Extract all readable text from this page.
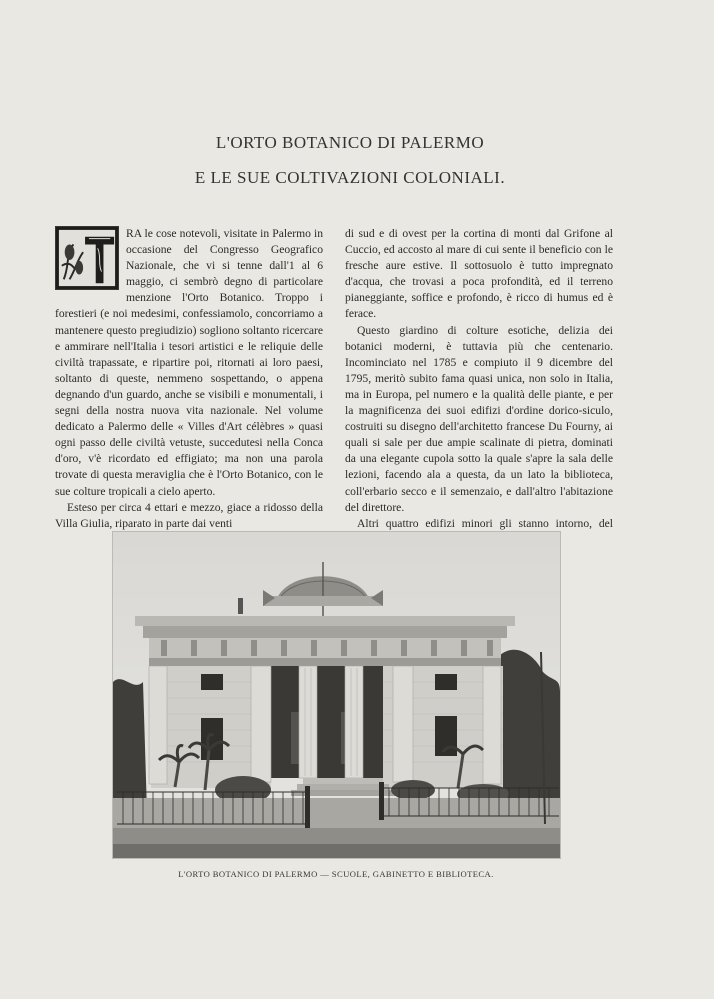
L'ORTO BOTANICO DI PALERMO
E LE SUE COLTIVAZIONI COLONIALI.

RA le cose notevoli, visitate in Palermo in occasione del Congresso Geografico Nazionale, che vi si tenne dall'1 al 6 maggio, ci sembrò degno di particolare menzione l'Orto Botanico. Troppo i forestieri (e noi medesimi, confessiamolo, concorriamo a mantenere questo pregiudizio) sogliono soltanto ricercare e ammirare nell'Italia i tesori artistici e le reliquie delle civiltà trapassate, e ripartire poi, ritornati ai loro paesi, soltanto di queste, nemmeno sospettando, o appena degnando d'un guardo, anche se visibili e monumentali, i segni della nostra nuova vita nazionale. Nel volume dedicato a Palermo delle « Villes d'Art célèbres » quasi ogni passo delle civiltà vetuste, succedutesi nella Conca d'oro, v'è ricordato ed effigiato; ma non una parola trovate di questa meraviglia che è l'Orto Botanico, con le sue colture tropicali a cielo aperto.

Esteso per circa 4 ettari e mezzo, giace a ridosso della Villa Giulia, riparato in parte dai venti

di sud e di ovest per la cortina di monti dal Grifone al Cuccio, ed accosto al mare di cui sente il beneficio con le fresche aure estive. Il sottosuolo è tutto impregnato d'acqua, che trovasi a poca profondità, ed il terreno pianeggiante, soffice e profondo, è ricco di humus ed è ferace.

Questo giardino di colture esotiche, delizia dei botanici moderni, è tuttavia più che centenario. Incominciato nel 1785 e compiuto il 9 dicembre del 1795, meritò subito fama quasi unica, non solo in Italia, ma in Europa, pel numero e la qualità delle piante, e per la magnificenza dei suoi edifizi d'ordine dorico-siculo, costruiti su disegno dell'architetto francese Du Fourny, ai quali si sale per due ampie scalinate di pietra, dominati da una elegante cupola sotto la quale s'apre la sala delle lezioni, facendo ala a questa, da un lato la biblioteca, coll'erbario secco e il semenzaio, e dall'altro l'abitazione del direttore.

Altri quattro edifizi minori gli stanno intorno, del

L'ORTO BOTANICO DI PALERMO — SCUOLE, GABINETTO E BIBLIOTECA.
